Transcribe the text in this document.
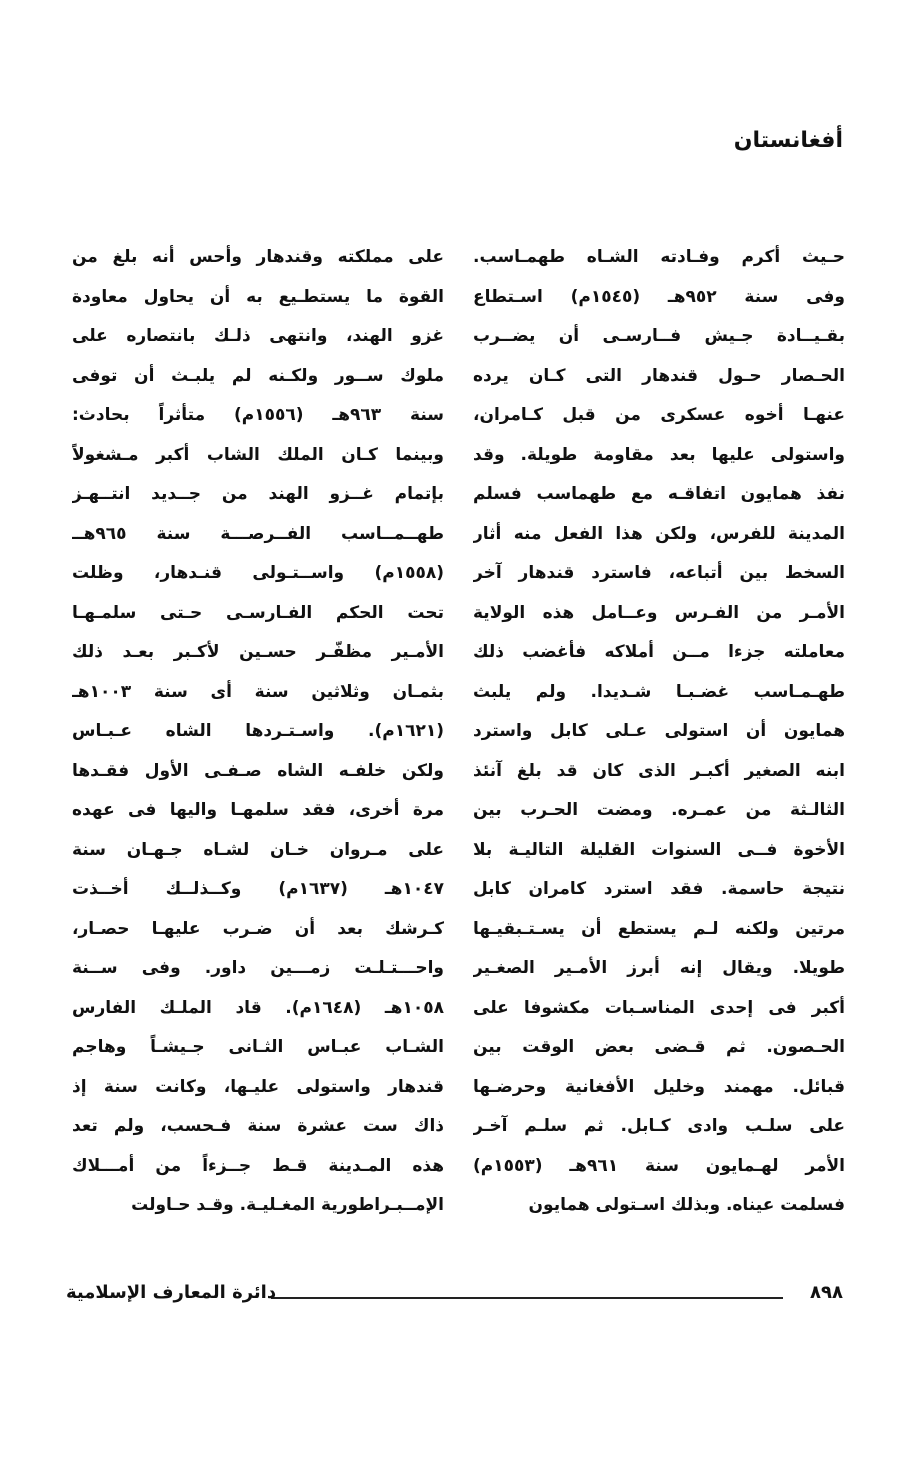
أفغانستان
حـيث أكرم وفـادته الشـاه طهمـاسب.
وفى سنة ٩٥٢هـ (١٥٤٥م) اسـتطاع
بقـيــادة جـيش فــارسـى أن يضــرب
الحـصار حـول قندهار التى كـان يرده
عنهـا أخوه عسكرى من قبل كـامران،
واستولى عليها بعد مقاومة طويلة. وقد
نفذ همايون اتفاقـه مع طهماسب فسلم
المدينة للفرس، ولكن هذا الفعل منه أثار
السخط بين أتباعه، فاسترد قندهار آخر
الأمـر من الفـرس وعــامل هذه الولاية
معاملته جزءا مــن أملاكه فأغضب ذلك
طهـمـاسب غضـبـا شـديدا. ولم يلبث
همايون أن استولى عـلى كابل واسترد
ابنه الصغير أكبـر الذى كان قد بلغ آنئذ
الثالـثة من عمـره. ومضت الحـرب بين
الأخوة فــى السنوات القليلة التاليـة بلا
نتيجة حاسمة. فقد استرد كامران كابل
مرتين ولكنه لـم يستطع أن يسـتـبقيـها
طويلا. ويقال إنه أبرز الأمـير الصغـير
أكبر فى إحدى المناسـبات مكشوفا على
الحـصون. ثم قـضى بعض الوقت بين
قبائل. مهمند وخليل الأفغانية وحرضـها
على سلـب وادى كـابل. ثم سلـم آخـر
الأمر لهـمايون سنة ٩٦١هـ (١٥٥٣م)
فسلمت عيناه. وبذلك اسـتولى همايون
على مملكته وقندهار وأحس أنه بلغ من
القوة ما يستطـيع به أن يحاول معاودة
غزو الهند، وانتهى ذلـك بانتصاره على
ملوك ســور ولكـنه لم يلبـث أن توفى
سنة ٩٦٣هـ (١٥٥٦م) متأثراً بحادث:
وبينما كـان الملك الشاب أكبر مـشغولاً
بإتمام غــزو الهند من جــديد انتــهـز
طهــمــاسب الفــرصـــة سنة ٩٦٥هــ
(١٥٥٨م) واســتـولى قنـدهار، وظلت
تحت الحكم الفـارسـى حـتى سلمـهـا
الأمـير مظفّـر حسـين لأكـبر بعـد ذلك
بثمـان وثلاثين سنة أى سنة ١٠٠٣هـ
(١٦٢١م). واسـتـردها الشاه عـبـاس
ولكن خلفـه الشاه صـفـى الأول فقـدها
مرة أخرى، فقد سلمهـا واليها فى عهده
على مـروان خـان لشـاه جـهـان سنة
١٠٤٧هـ (١٦٣٧م) وكــذلــك أخــذت
كـرشك بعد أن ضـرب عليهـا حصـار،
واحـــتـلـت زمـــين داور. وفى ســنة
١٠٥٨هـ (١٦٤٨م). قاد الملـك الفارس
الشـاب عبـاس الثـانى جـيشـاً وهاجم
قندهار واستولى عليـها، وكانت سنة إذ
ذاك ست عشرة سنة فـحسب، ولم تعد
هذه المـدينة قـط جــزءاً من أمـــلاك
الإمــبـراطورية المغـليـة. وقـد حـاولت
٨٩٨
دائرة المعارف الإسلامية
